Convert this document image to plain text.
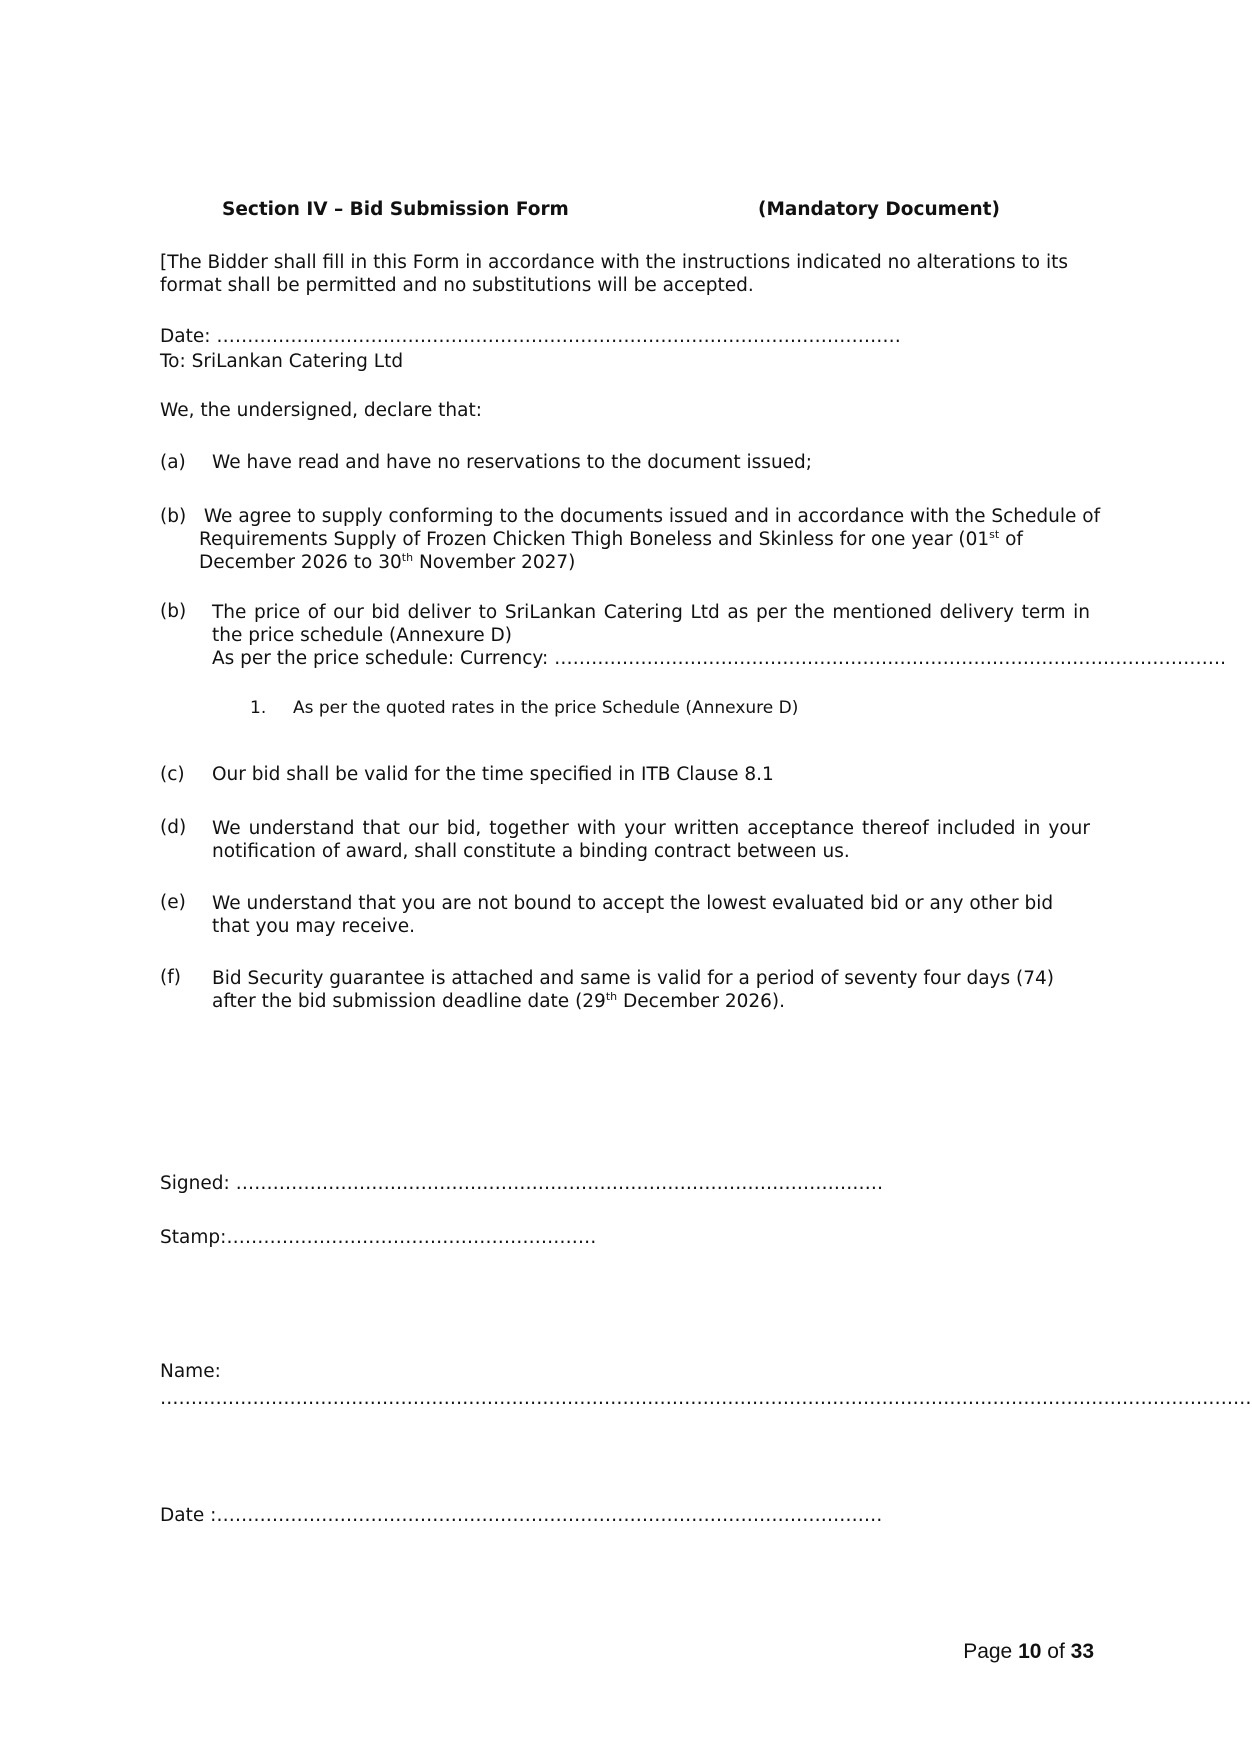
Section IV – Bid Submission Form	(Mandatory Document)

[The Bidder shall fill in this Form in accordance with the instructions indicated no alterations to its format shall be permitted and no substitutions will be accepted.

Date: …………………………………………………………………………………………………

To: SriLankan Catering Ltd

We, the undersigned, declare that:

(a) We have read and have no reservations to the document issued;

(b) We agree to supply conforming to the documents issued and in accordance with the Schedule of Requirements Supply of Frozen Chicken Thigh Boneless and Skinless for one year (01st of December 2026 to 30th November 2027)

(b) The price of our bid deliver to SriLankan Catering Ltd as per the mentioned delivery term in the price schedule (Annexure D)

As per the price schedule: Currency: ……………………………………………………………………………………………….

1. As per the quoted rates in the price Schedule (Annexure D)

(c) Our bid shall be valid for the time specified in ITB Clause 8.1

(d) We understand that our bid, together with your written acceptance thereof included in your notification of award, shall constitute a binding contract between us.

(e) We understand that you are not bound to accept the lowest evaluated bid or any other bid that you may receive.

(f) Bid Security guarantee is attached and same is valid for a period of seventy four days (74) after the bid submission deadline date (29th December 2026).

Signed: ……………………………………………………………………………………………

Stamp:……………………………………………………

Name:

……………………………………………………………………………………………………………………………………………………………

Date :………………………………………………………………………………………………

Page 10 of 33
